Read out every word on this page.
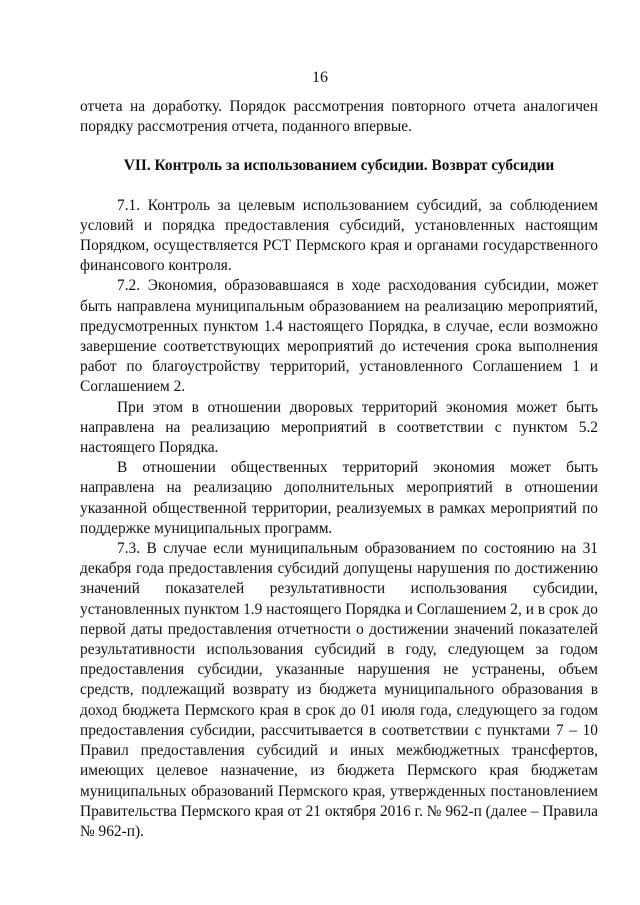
16

отчета на доработку. Порядок рассмотрения повторного отчета аналогичен порядку рассмотрения отчета, поданного впервые.

VII. Контроль за использованием субсидии. Возврат субсидии

7.1. Контроль за целевым использованием субсидий, за соблюдением условий и порядка предоставления субсидий, установленных настоящим Порядком, осуществляется РСТ Пермского края и органами государственного финансового контроля.

7.2. Экономия, образовавшаяся в ходе расходования субсидии, может быть направлена муниципальным образованием на реализацию мероприятий, предусмотренных пунктом 1.4 настоящего Порядка, в случае, если возможно завершение соответствующих мероприятий до истечения срока выполнения работ по благоустройству территорий, установленного Соглашением 1 и Соглашением 2.

При этом в отношении дворовых территорий экономия может быть направлена на реализацию мероприятий в соответствии с пунктом 5.2 настоящего Порядка.

В отношении общественных территорий экономия может быть направлена на реализацию дополнительных мероприятий в отношении указанной общественной территории, реализуемых в рамках мероприятий по поддержке муниципальных программ.

7.3. В случае если муниципальным образованием по состоянию на 31 декабря года предоставления субсидий допущены нарушения по достижению значений показателей результативности использования субсидии, установленных пунктом 1.9 настоящего Порядка и Соглашением 2, и в срок до первой даты предоставления отчетности о достижении значений показателей результативности использования субсидий в году, следующем за годом предоставления субсидии, указанные нарушения не устранены, объем средств, подлежащий возврату из бюджета муниципального образования в доход бюджета Пермского края в срок до 01 июля года, следующего за годом предоставления субсидии, рассчитывается в соответствии с пунктами 7 – 10 Правил предоставления субсидий и иных межбюджетных трансфертов, имеющих целевое назначение, из бюджета Пермского края бюджетам муниципальных образований Пермского края, утвержденных постановлением Правительства Пермского края от 21 октября 2016 г. № 962-п (далее – Правила № 962-п).
